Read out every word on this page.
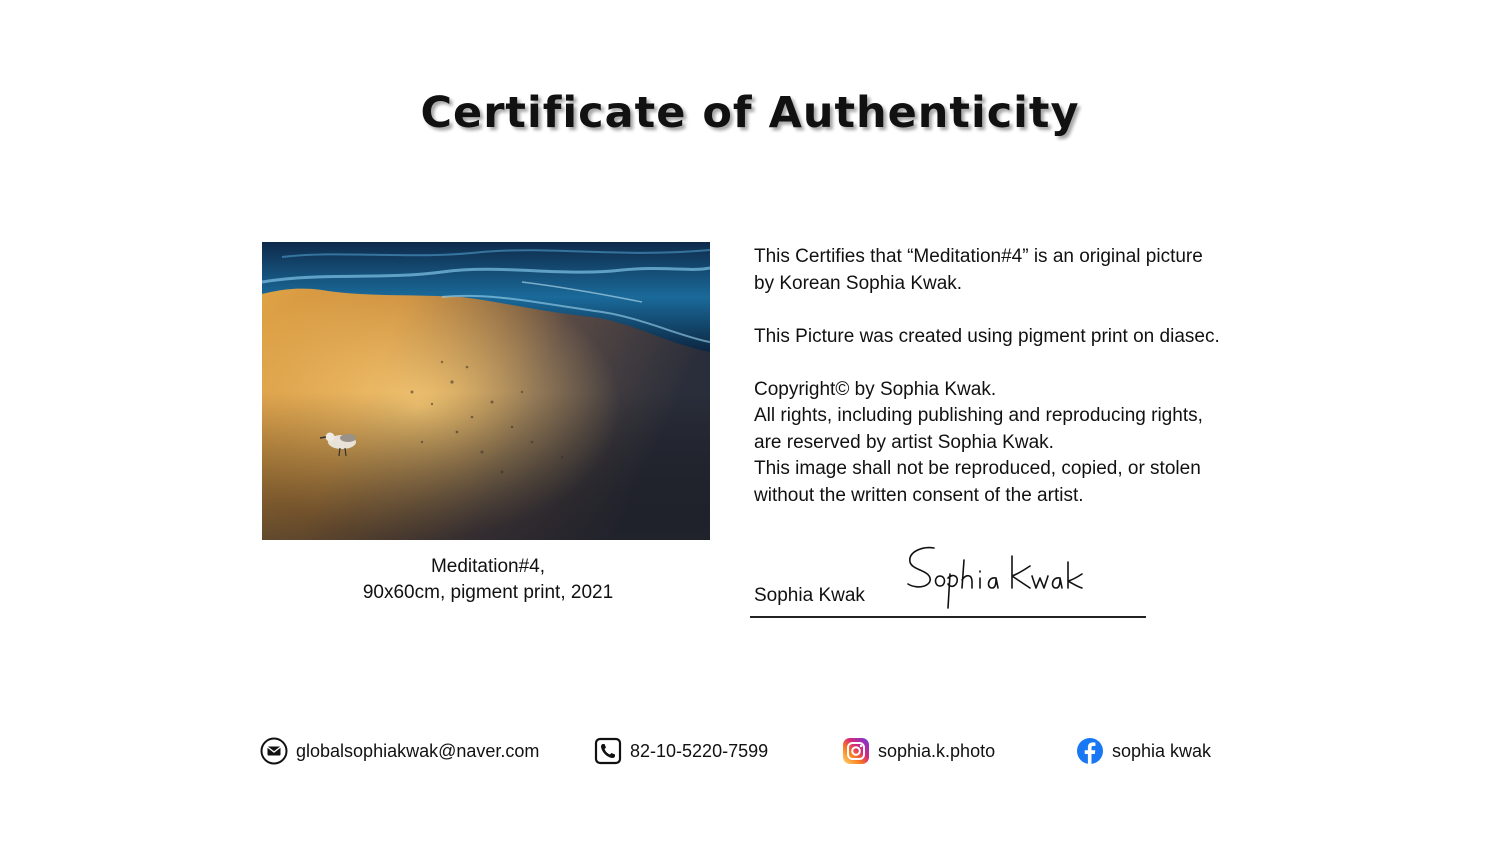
Certificate of Authenticity
Meditation#4,
90x60cm, pigment print, 2021

This Certifies that “Meditation#4” is an original picture

by Korean Sophia Kwak.

This Picture was created using pigment print on diasec.

Copyright© by Sophia Kwak.

All rights, including publishing and reproducing rights,

are reserved by artist Sophia Kwak.

This image shall not be reproduced, copied, or stolen

without the written consent of the artist.

Sophia Kwak
globalsophiakwak@naver.com	82-10-5220-7599	sophia.k.photo	sophia kwak
